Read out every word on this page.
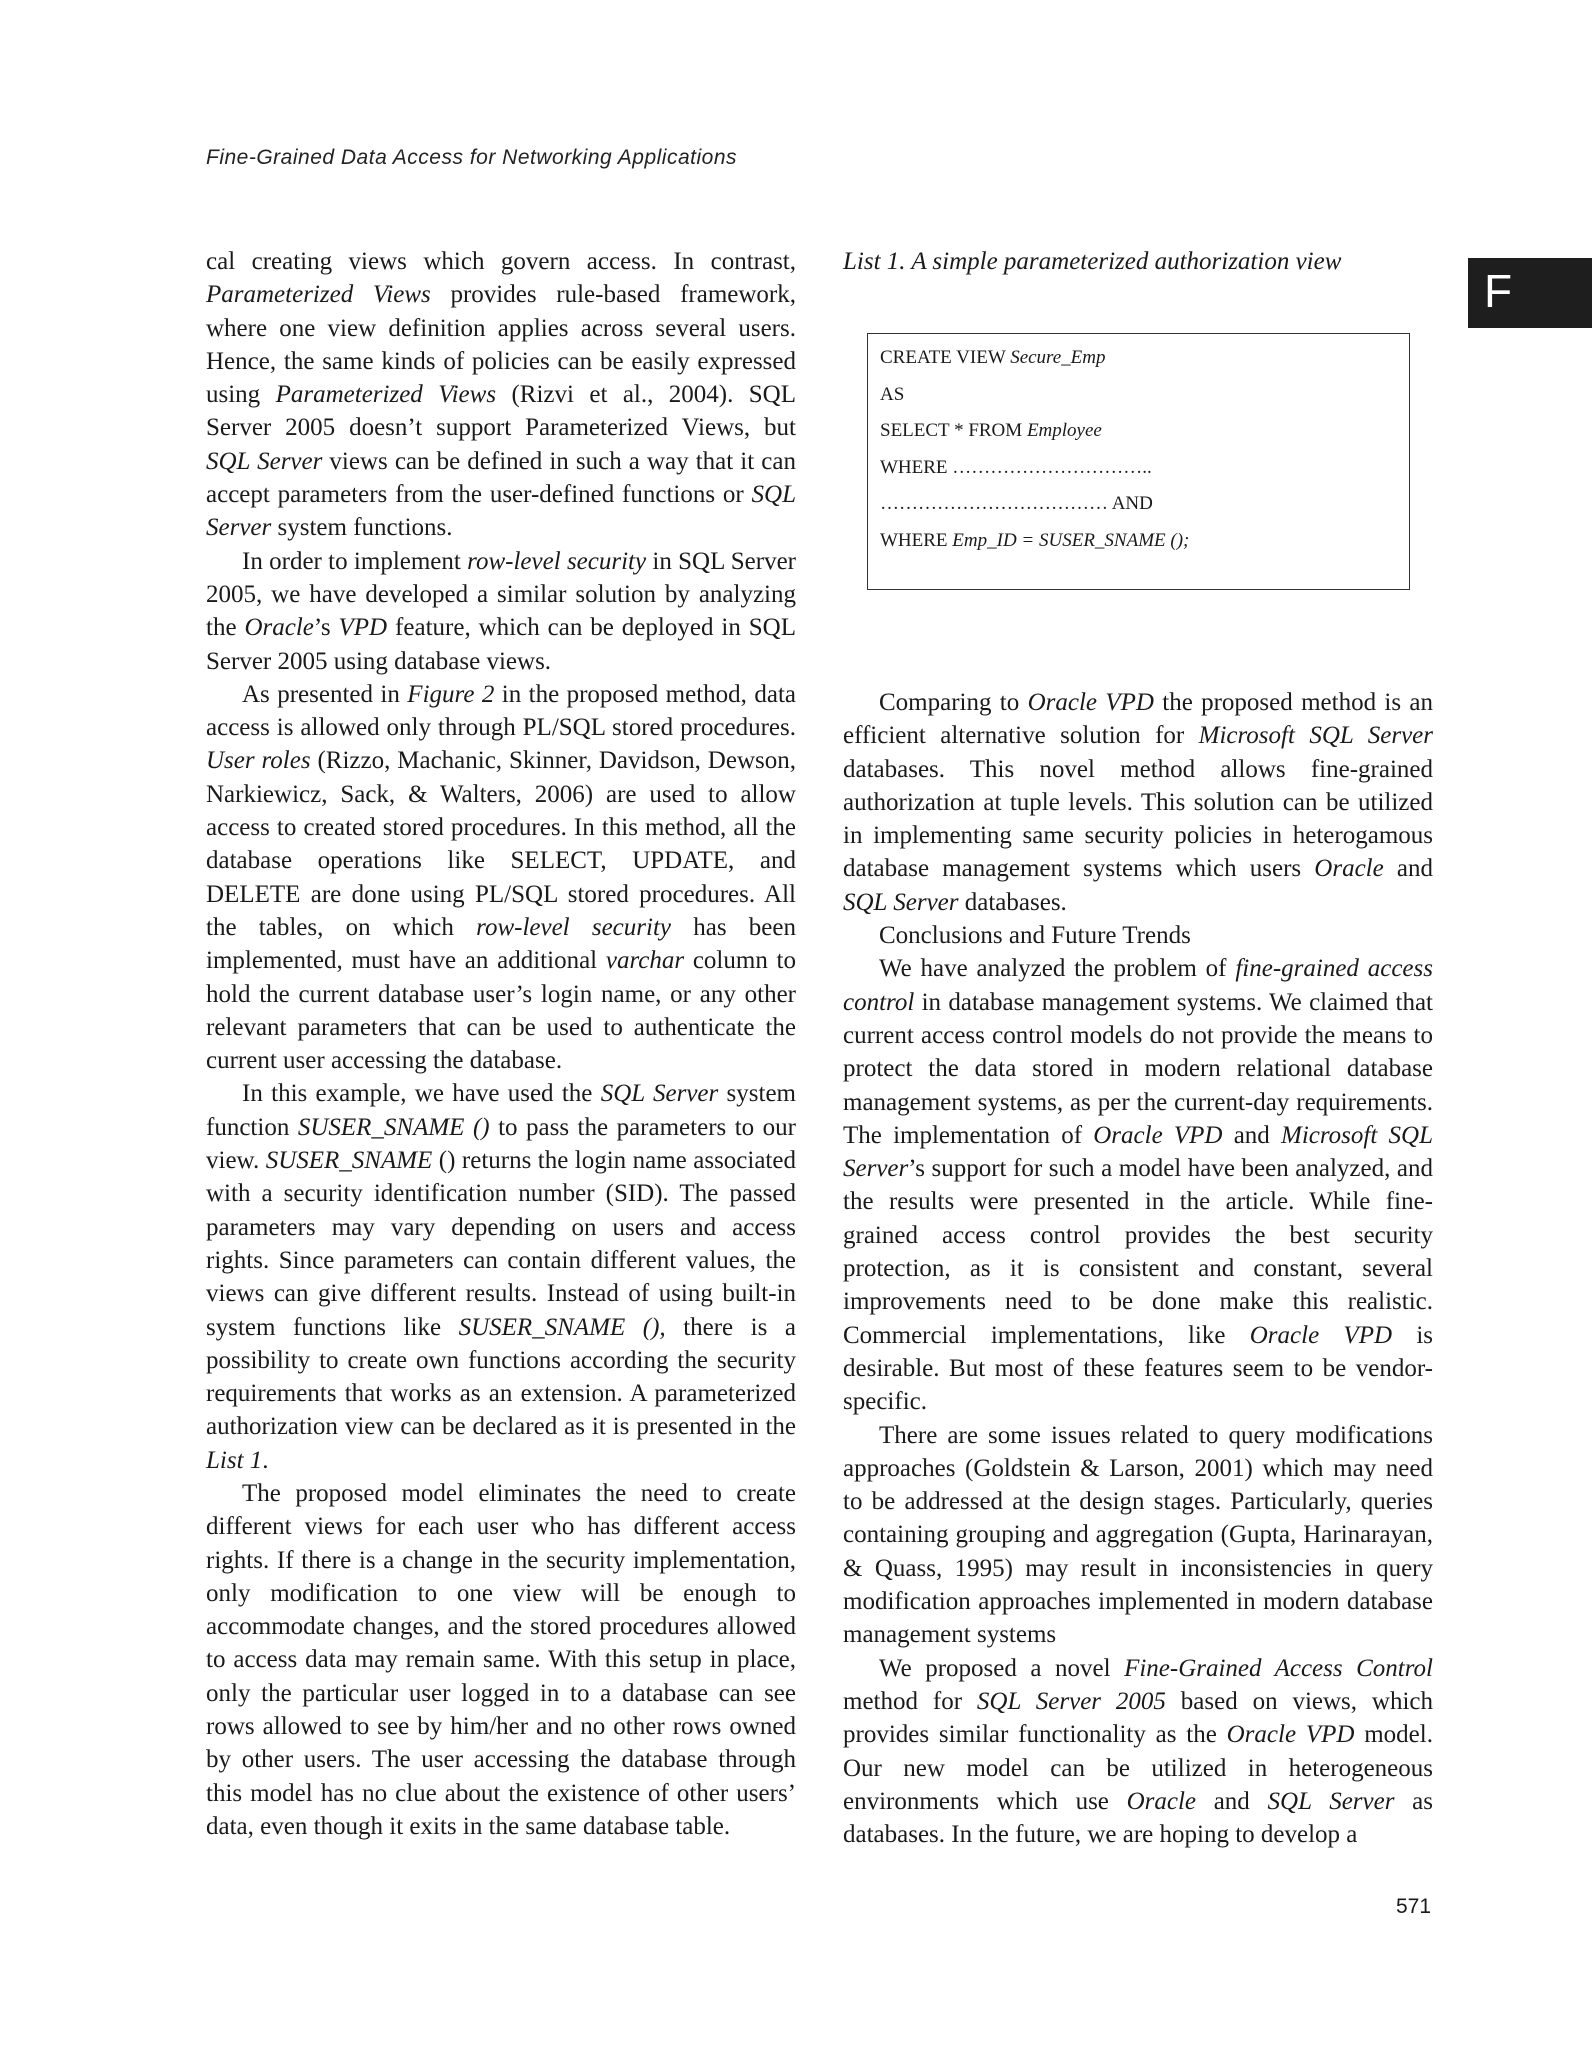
Fine-Grained Data Access for Networking Applications
F

cal creating views which govern access. In contrast, Parameterized Views provides rule-based framework, where one view definition applies across several users. Hence, the same kinds of policies can be easily expressed using Parameterized Views (Rizvi et al., 2004). SQL Server 2005 doesn’t support Parameterized Views, but SQL Server views can be defined in such a way that it can accept parameters from the user-defined functions or SQL Server system functions.

In order to implement row-level security in SQL Server 2005, we have developed a similar solution by analyzing the Oracle’s VPD feature, which can be deployed in SQL Server 2005 using database views.

As presented in Figure 2 in the proposed method, data access is allowed only through PL/SQL stored procedures. User roles (Rizzo, Machanic, Skinner, Davidson, Dewson, Narkiewicz, Sack, & Walters, 2006) are used to allow access to created stored procedures. In this method, all the database operations like SELECT, UPDATE, and DELETE are done using PL/SQL stored procedures. All the tables, on which row-level security has been implemented, must have an additional varchar column to hold the current database user’s login name, or any other relevant parameters that can be used to authenticate the current user accessing the database.

In this example, we have used the SQL Server system function SUSER_SNAME () to pass the parameters to our view. SUSER_SNAME () returns the login name associated with a security identification number (SID). The passed parameters may vary depending on users and access rights. Since parameters can contain different values, the views can give different results. Instead of using built-in system functions like SUSER_SNAME (), there is a possibility to create own functions according the security requirements that works as an extension. A parameterized authorization view can be declared as it is presented in the List 1.

The proposed model eliminates the need to create different views for each user who has different access rights. If there is a change in the security implementation, only modification to one view will be enough to accommodate changes, and the stored procedures allowed to access data may remain same. With this setup in place, only the particular user logged in to a database can see rows allowed to see by him/her and no other rows owned by other users. The user accessing the database through this model has no clue about the existence of other users’ data, even though it exits in the same database table.

List 1. A simple parameterized authorization view
CREATE VIEW Secure_Emp
AS
SELECT * FROM Employee
WHERE …………………………..
……………………………… AND
WHERE Emp_ID = SUSER_SNAME ();

Comparing to Oracle VPD the proposed method is an efficient alternative solution for Microsoft SQL Server databases. This novel method allows fine-grained authorization at tuple levels. This solution can be utilized in implementing same security policies in heterogamous database management systems which users Oracle and SQL Server databases.

Conclusions and Future Trends

We have analyzed the problem of fine-grained access control in database management systems. We claimed that current access control models do not provide the means to protect the data stored in modern relational database management systems, as per the current-day requirements. The implementation of Oracle VPD and Microsoft SQL Server’s support for such a model have been analyzed, and the results were presented in the article. While fine-grained access control provides the best security protection, as it is consistent and constant, several improvements need to be done make this realistic. Commercial implementations, like Oracle VPD is desirable. But most of these features seem to be vendor-specific.

There are some issues related to query modifications approaches (Goldstein & Larson, 2001) which may need to be addressed at the design stages. Particularly, queries containing grouping and aggregation (Gupta, Harinarayan, & Quass, 1995) may result in inconsistencies in query modification approaches implemented in modern database management systems

We proposed a novel Fine-Grained Access Control method for SQL Server 2005 based on views, which provides similar functionality as the Oracle VPD model. Our new model can be utilized in heterogeneous environments which use Oracle and SQL Server as databases. In the future, we are hoping to develop a

571
